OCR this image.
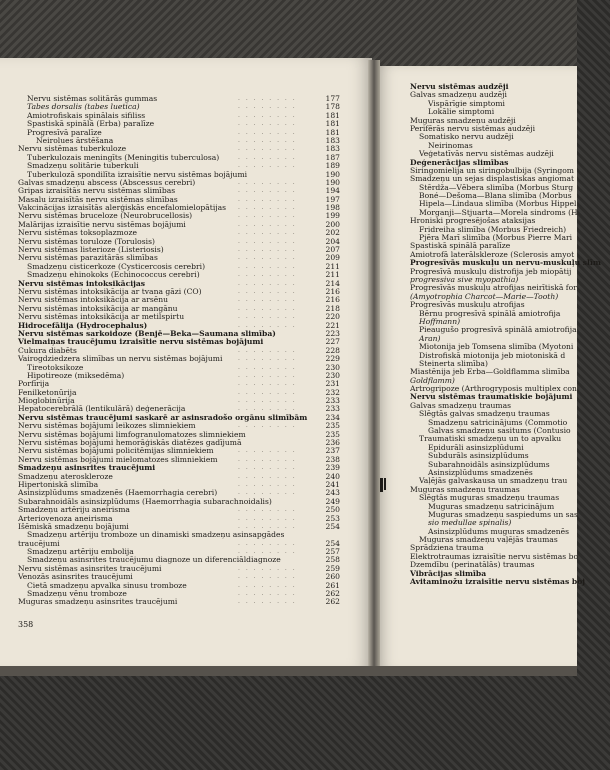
Nervu sistēmas solitārās gummas	. . . . . . . .	177
Tabes dorsalis (tabes luetica)	. . . . . . . .	178
Amiotrofiskais spinālais sifiliss	. . . . . . . .	181
Spastiskā spinālā (Erba) paralīze	. . . . . . . .	181
Progresīvā paralīze	. . . . . . . .	181
Neirolues ārstēšana	. . . . . . . .	183
Nervu sistēmas tuberkuloze	. . . . . . . .	183
Tuberkulozais meningīts (Meningitis tuberculosa)	. . . . . . . .	187
Smadzeņu solitārie tuberkuli	. . . . . . . .	189
Tuberkulozā spondilīta izraisītie nervu sistēmas bojājumi	190
Galvas smadzeņu abscess (Abscessus cerebri)	. . . . . . . .	190
Gripas izraisītās nervu sistēmas slimības	. . . . . . . .	194
Masalu izraisītās nervu sistēmas slimības	. . . . . . . .	197
Vakcinācijas izraisītās alerģiskās encefalomielopātijas . . . . . . . .	198
Nervu sistēmas bruceloze (Neurobrucellosis)	. . . . . . . .	199
Malārijas izraisītie nervu sistēmas bojājumi	. . . . . . . .	200
Nervu sistēmas toksoplazmoze	. . . . . . . .	202
Nervu sistēmas toruloze (Torulosis)	. . . . . . . .	204
Nervu sistēmas listerioze (Listeriosis)	. . . . . . . .	207
Nervu sistēmas parazitārās slimības	. . . . . . . .	209
Smadzeņu cisticerkoze (Cysticercosis cerebri)	. . . . . . . .	211
Smadzeņu ehinokoks (Echinococcus cerebri)	. . . . . . . .	211
Nervu sistēmas intoksikācijas	. . . . . . . .	214
Nervu sistēmas intoksikācija ar tvana gāzi (CO)	. . . . . . . .	216
Nervu sistēmas intoksikācija ar arsēnu	. . . . . . . .	216
Nervu sistēmas intoksikācija ar mangānu	. . . . . . . .	218
Nervu sistēmas intoksikācija ar metilspirtu	. . . . . . . .	220
Hidrocefālija (Hydrocephalus)	. . . . . . . .	221
Nervu sistēmas sarkoidoze (Benjē—Beka—Saumana slimība)	223
Vielmaiņas traucējumu izraisītie nervu sistēmas bojājumi	227
Cukura diabēts	. . . . . . . .	228
Vairogdziedzera slimības un nervu sistēmas bojājumi	. . . . . . . .	229
Tireotoksikoze	. . . . . . . .	230
Hipotireoze (miksedēma)	. . . . . . . .	230
Porfīrija	. . . . . . . .	231
Fenilketonūrija	. . . . . . . .	232
Mioglobinūrija	. . . . . . . .	233
Hepatocerebrālā (lentikulārā) deģenerācija	. . . . . . . .	233
Nervu sistēmas traucējumi saskarē ar asinsradošo orgānu slimībām	234
Nervu sistēmas bojājumi leikozes slimniekiem	. . . . . . . .	235
Nervu sistēmas bojājumi limfogranulomatozes slimniekiem	235
Nervu sistēmas bojājumi hemorāģiskās diatēzes gadījumā	236
Nervu sistēmas bojājumi policitēmijas slimniekiem	. . . . . . . .	237
Nervu sistēmas bojājumi mielomatozes slimniekiem	. . . . . . . .	238
Smadzeņu asinsrites traucējumi	. . . . . . . .	239
Smadzeņu ateroskleroze	. . . . . . . .	240
Hipertoniskā slimība	. . . . . . . .	241
Asinsizplūdums smadzenēs (Haemorrhagia cerebri)	. . . . . . . .	243
Subarahnoidāls asinsizplūdums (Haemorrhagia subarachnoidalis)	249
Smadzeņu artēriju aneirisma	. . . . . . . .	250
Arteriovenoza aneirisma	. . . . . . . .	253
Išēmiskā smadzeņu bojājumi	. . . . . . . .	254
Smadzeņu artēriju tromboze un dinamiski smadzeņu asinsapgādes
traucējumi	. . . . . . . .	254
Smadzeņu artēriju embolija	. . . . . . . .	257
Smadzeņu asinsrites traucējumu diagnoze un diferenciāldiagnoze	258
Nervu sistēmas asinsrites traucējumi	. . . . . . . .	259
Venozās asinsrites traucējumi	. . . . . . . .	260
Cietā smadzeņu apvalka sinusu tromboze	. . . . . . . .	261
Smadzeņu vēnu tromboze	. . . . . . . .	262
Muguras smadzeņu asinsrites traucējumi	. . . . . . . .	262
358
Nervu sistēmas audzēji
Galvas smadzeņu audzēji
Vispārīgie simptomi
Lokālie simptomi
Muguras smadzeņu audzēji
Perifērās nervu sistēmas audzēji
Somatisko nervu audzēji
Neirinomas
Veģetatīvās nervu sistēmas audzēji
Deģenerācijas slimības
Siringomielija un siringobulbija (Syringom
Smadzeņu un sejas displastiskas angiomat
Stērdža—Vēbera slimība (Morbus Sturg
Boné—Dešoma—Blana slimība (Morbus
Hipela—Lindaua slimība (Morbus Hippel
Morganji—Stjuarta—Morela sindroms (H
Hroniski progresējošas ataksijas
Fridreiha slimība (Morbus Friedreich)
Pjēra Marī slimība (Morbus Pierre Mari
Spastiskā spinālā paralīze
Amiotrofā laterālskleroze (Sclerosis amyot
Progresīvās muskuļu un nervu-muskuļu slīm
Progresīvā muskuļu distrofija jeb miopātij
progressiva sive myopathia)
Progresīvās muskuļu atrofijas neirītiskā for
(Amyotrophia Charcot—Marie—Tooth)
Progresīvās muskuļu atrofijas
Bērnu progresīvā spinālā amiotrofija
Hoffmann)
Pieaugušo progresīvā spinālā amiotrofija
Aran)
Miotonija jeb Tomsena slimība (Myotoni
Distrofiskā miotonija jeb miotoniskā d
Steinerta slimība)
Miastēnija jeb Erba—Goldflamma slimība
Goldflamm)
Artrogripoze (Arthrogryposis multiplex con
Nervu sistēmas traumatiskie bojājumi
Galvas smadzeņu traumas
Slēgtās galvas smadzeņu traumas
Smadzeņu satricinājums (Commotio
Galvas smadzeņu sasitums (Contusio
Traumatiski smadzeņu un to apvalku
Epidurāli asinsizplūdumi
Subdurāls asinsizplūdums
Subarahnoidāls asinsizplūdums
Asinsizplūdums smadzenēs
Vaļējās galvaskausa un smadzeņu trau
Muguras smadzeņu traumas
Slēgtās muguras smadzeņu traumas
Muguras smadzeņu satricinājum
Muguras smadzeņu saspiedums un sas
sio medullae spinalis)
Asinsizplūdums muguras smadzenēs
Muguras smadzeņu vaļējās traumas
Sprādziena trauma
Elektrotraumas izraisītie nervu sistēmas bo
Dzemdību (perinatālās) traumas
Vibrācijas slimība
Avitaminožu izraisītie nervu sistēmas boj
